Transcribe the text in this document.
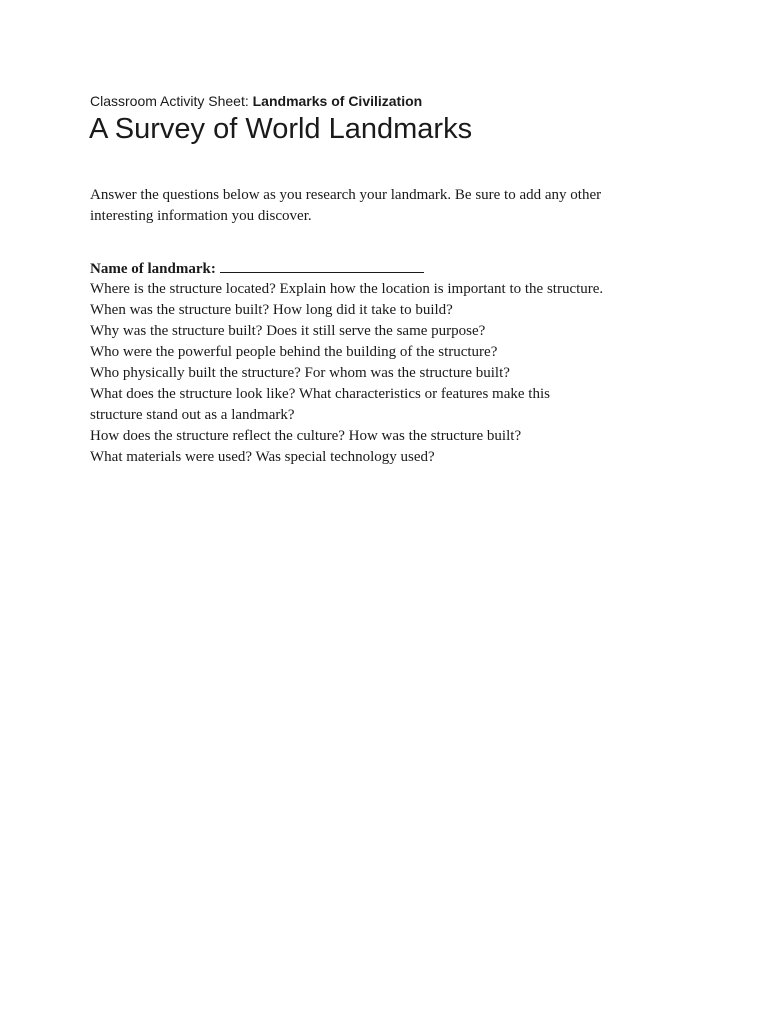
Classroom Activity Sheet: Landmarks of Civilization
A Survey of World Landmarks

Answer the questions below as you research your landmark. Be sure to add any other
interesting information you discover.

Name of landmark:
Where is the structure located? Explain how the location is important to the structure.
When was the structure built? How long did it take to build?
Why was the structure built? Does it still serve the same purpose?
Who were the powerful people behind the building of the structure?
Who physically built the structure? For whom was the structure built?
What does the structure look like? What characteristics or features make this
structure stand out as a landmark?
How does the structure reflect the culture? How was the structure built?
What materials were used? Was special technology used?
